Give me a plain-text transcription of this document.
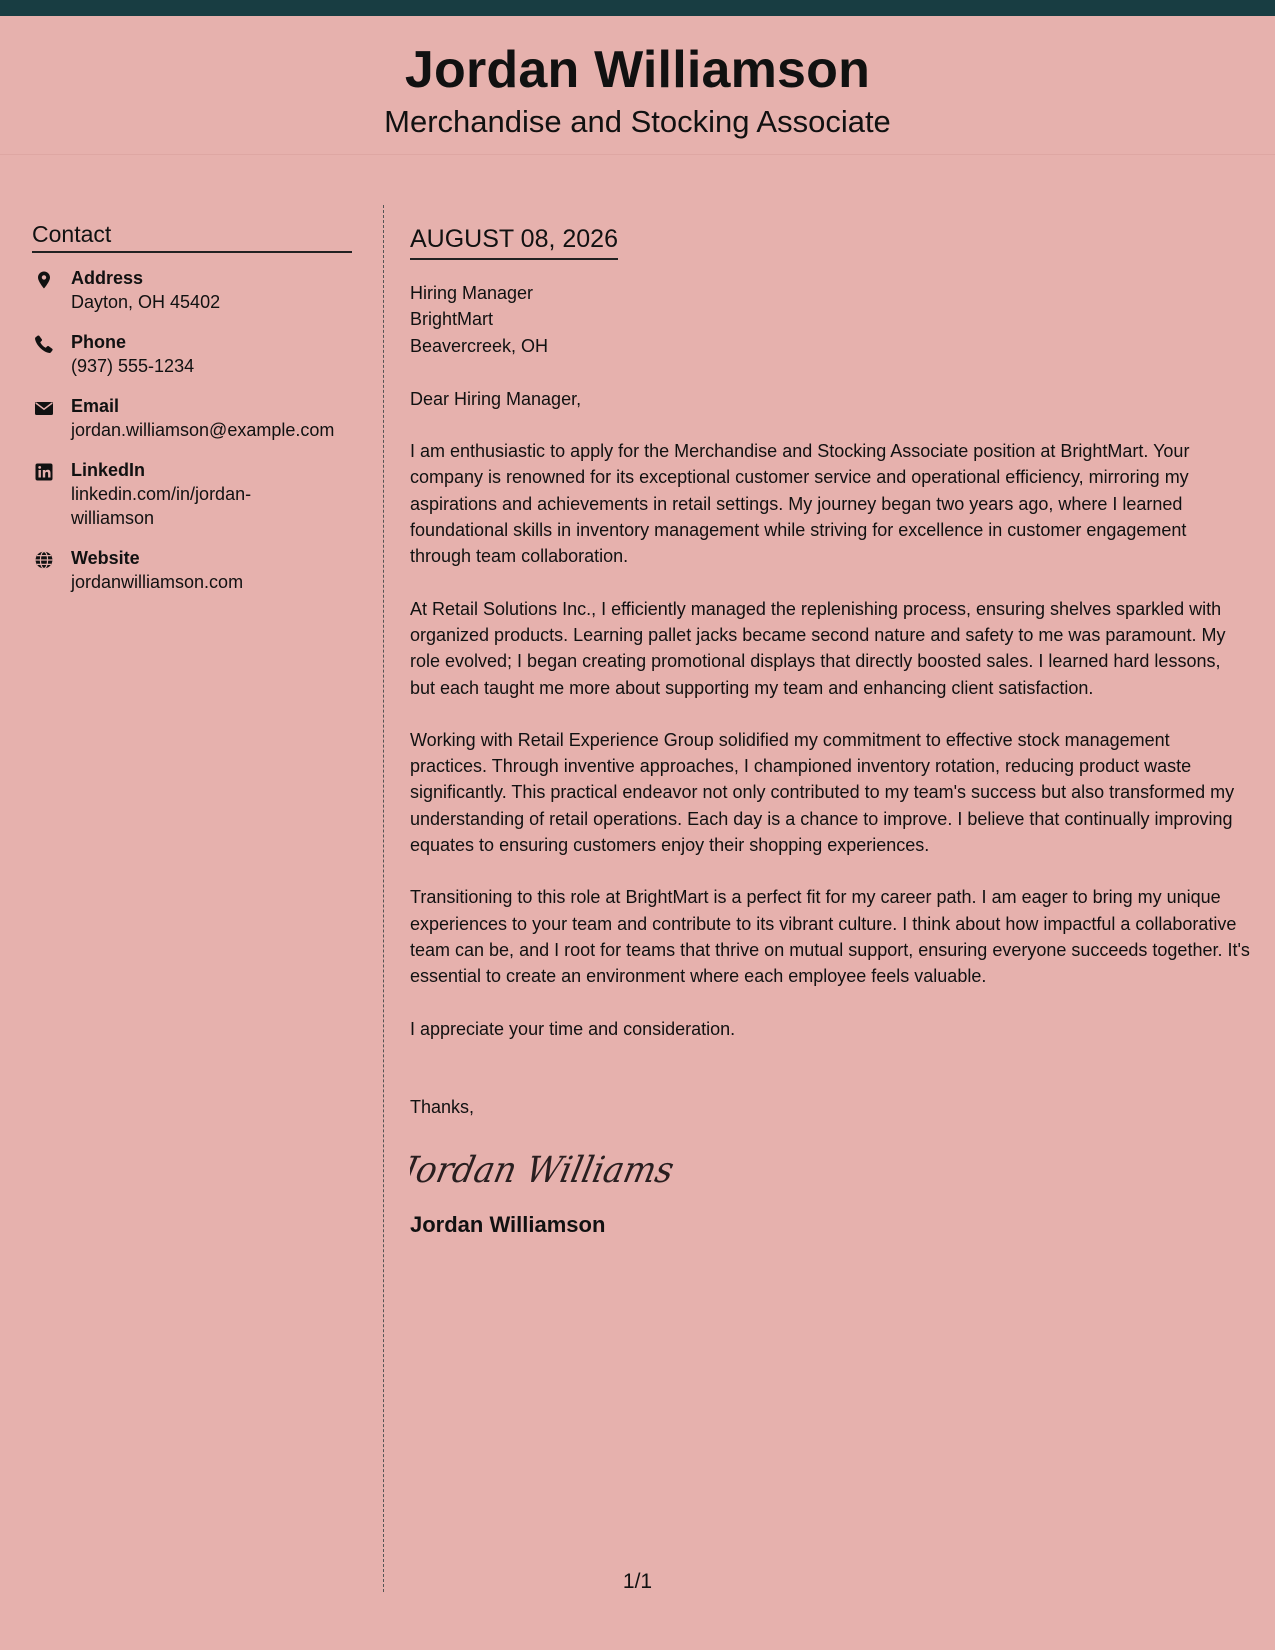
Jordan Williamson
Merchandise and Stocking Associate
Contact
Address
Dayton, OH 45402
Phone
(937) 555-1234
Email
jordan.williamson@example.com
LinkedIn
linkedin.com/in/jordan-
williamson
Website
jordanwilliamson.com
AUGUST 08, 2026
Hiring Manager
BrightMart
Beavercreek, OH

Dear Hiring Manager,

I am enthusiastic to apply for the Merchandise and Stocking Associate position at BrightMart. Your company is renowned for its exceptional customer service and operational efficiency, mirroring my aspirations and achievements in retail settings. My journey began two years ago, where I learned foundational skills in inventory management while striving for excellence in customer engagement through team collaboration.

At Retail Solutions Inc., I efficiently managed the replenishing process, ensuring shelves sparkled with organized products. Learning pallet jacks became second nature and safety to me was paramount. My role evolved; I began creating promotional displays that directly boosted sales. I learned hard lessons, but each taught me more about supporting my team and enhancing client satisfaction.

Working with Retail Experience Group solidified my commitment to effective stock management practices. Through inventive approaches, I championed inventory rotation, reducing product waste significantly. This practical endeavor not only contributed to my team's success but also transformed my understanding of retail operations. Each day is a chance to improve. I believe that continually improving equates to ensuring customers enjoy their shopping experiences.

Transitioning to this role at BrightMart is a perfect fit for my career path. I am eager to bring my unique experiences to your team and contribute to its vibrant culture. I think about how impactful a collaborative team can be, and I root for teams that thrive on mutual support, ensuring everyone succeeds together. It's essential to create an environment where each employee feels valuable.

I appreciate your time and consideration.

Thanks,
Jordan Williams
Jordan Williamson
1/1
